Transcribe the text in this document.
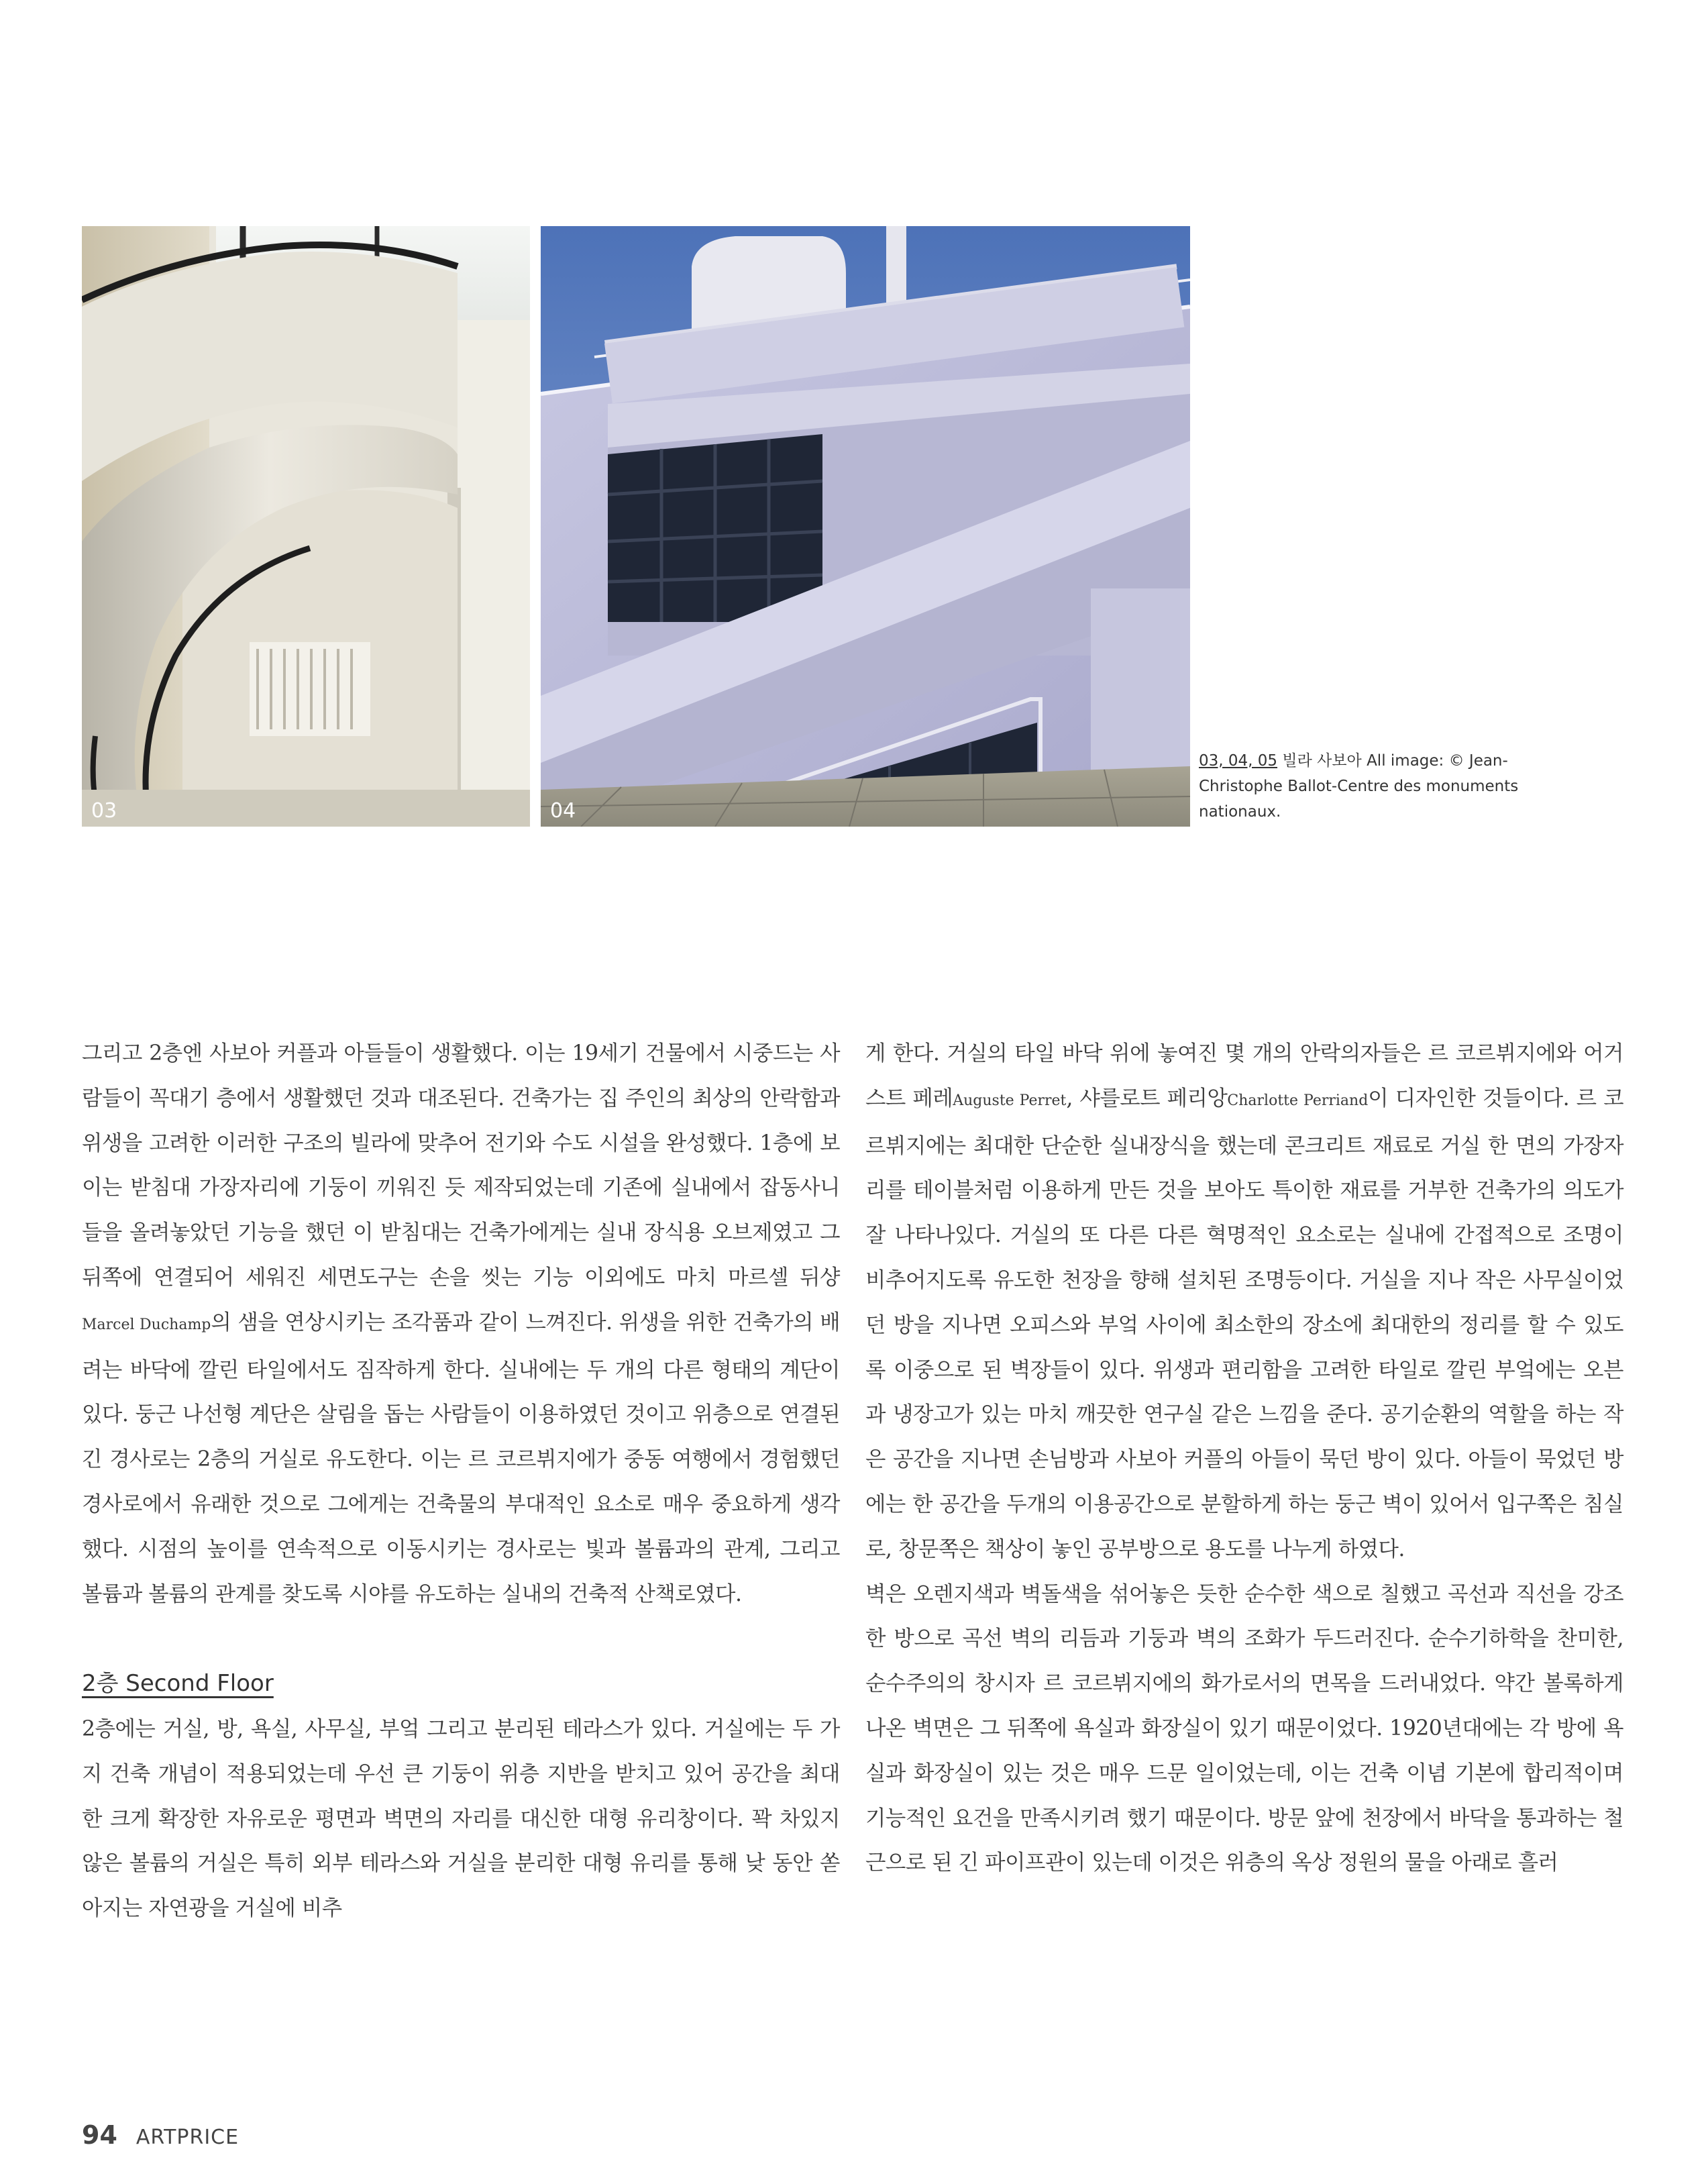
03	04

03, 04, 05 빌라 사보아 All image: © Jean-Christophe Ballot-Centre des monuments nationaux.

그리고 2층엔 사보아 커플과 아들들이 생활했다. 이는 19세기 건물에서 시중드는 사람들이 꼭대기 층에서 생활했던 것과 대조된다. 건축가는 집 주인의 최상의 안락함과 위생을 고려한 이러한 구조의 빌라에 맞추어 전기와 수도 시설을 완성했다. 1층에 보이는 받침대 가장자리에 기둥이 끼워진 듯 제작되었는데 기존에 실내에서 잡동사니들을 올려놓았던 기능을 했던 이 받침대는 건축가에게는 실내 장식용 오브제였고 그 뒤쪽에 연결되어 세워진 세면도구는 손을 씻는 기능 이외에도 마치 마르셀 뒤샹Marcel Duchamp의 샘을 연상시키는 조각품과 같이 느껴진다. 위생을 위한 건축가의 배려는 바닥에 깔린 타일에서도 짐작하게 한다. 실내에는 두 개의 다른 형태의 계단이 있다. 둥근 나선형 계단은 살림을 돕는 사람들이 이용하였던 것이고 위층으로 연결된 긴 경사로는 2층의 거실로 유도한다. 이는 르 코르뷔지에가 중동 여행에서 경험했던 경사로에서 유래한 것으로 그에게는 건축물의 부대적인 요소로 매우 중요하게 생각했다. 시점의 높이를 연속적으로 이동시키는 경사로는 빛과 볼륨과의 관계, 그리고 볼륨과 볼륨의 관계를 찾도록 시야를 유도하는 실내의 건축적 산책로였다.

2층 Second Floor

2층에는 거실, 방, 욕실, 사무실, 부엌 그리고 분리된 테라스가 있다. 거실에는 두 가지 건축 개념이 적용되었는데 우선 큰 기둥이 위층 지반을 받치고 있어 공간을 최대한 크게 확장한 자유로운 평면과 벽면의 자리를 대신한 대형 유리창이다. 꽉 차있지 않은 볼륨의 거실은 특히 외부 테라스와 거실을 분리한 대형 유리를 통해 낮 동안 쏟아지는 자연광을 거실에 비추

게 한다. 거실의 타일 바닥 위에 놓여진 몇 개의 안락의자들은 르 코르뷔지에와 어거스트 페레Auguste Perret, 샤를로트 페리앙Charlotte Perriand이 디자인한 것들이다. 르 코르뷔지에는 최대한 단순한 실내장식을 했는데 콘크리트 재료로 거실 한 면의 가장자리를 테이블처럼 이용하게 만든 것을 보아도 특이한 재료를 거부한 건축가의 의도가 잘 나타나있다. 거실의 또 다른 다른 혁명적인 요소로는 실내에 간접적으로 조명이 비추어지도록 유도한 천장을 향해 설치된 조명등이다. 거실을 지나 작은 사무실이었던 방을 지나면 오피스와 부엌 사이에 최소한의 장소에 최대한의 정리를 할 수 있도록 이중으로 된 벽장들이 있다. 위생과 편리함을 고려한 타일로 깔린 부엌에는 오븐과 냉장고가 있는 마치 깨끗한 연구실 같은 느낌을 준다. 공기순환의 역할을 하는 작은 공간을 지나면 손님방과 사보아 커플의 아들이 묵던 방이 있다. 아들이 묵었던 방에는 한 공간을 두개의 이용공간으로 분할하게 하는 둥근 벽이 있어서 입구쪽은 침실로, 창문쪽은 책상이 놓인 공부방으로 용도를 나누게 하였다.

벽은 오렌지색과 벽돌색을 섞어놓은 듯한 순수한 색으로 칠했고 곡선과 직선을 강조한 방으로 곡선 벽의 리듬과 기둥과 벽의 조화가 두드러진다. 순수기하학을 찬미한, 순수주의의 창시자 르 코르뷔지에의 화가로서의 면목을 드러내었다. 약간 볼록하게 나온 벽면은 그 뒤쪽에 욕실과 화장실이 있기 때문이었다. 1920년대에는 각 방에 욕실과 화장실이 있는 것은 매우 드문 일이었는데, 이는 건축 이념 기본에 합리적이며 기능적인 요건을 만족시키려 했기 때문이다. 방문 앞에 천장에서 바닥을 통과하는 철근으로 된 긴 파이프관이 있는데 이것은 위층의 옥상 정원의 물을 아래로 흘러

94 ARTPRICE
